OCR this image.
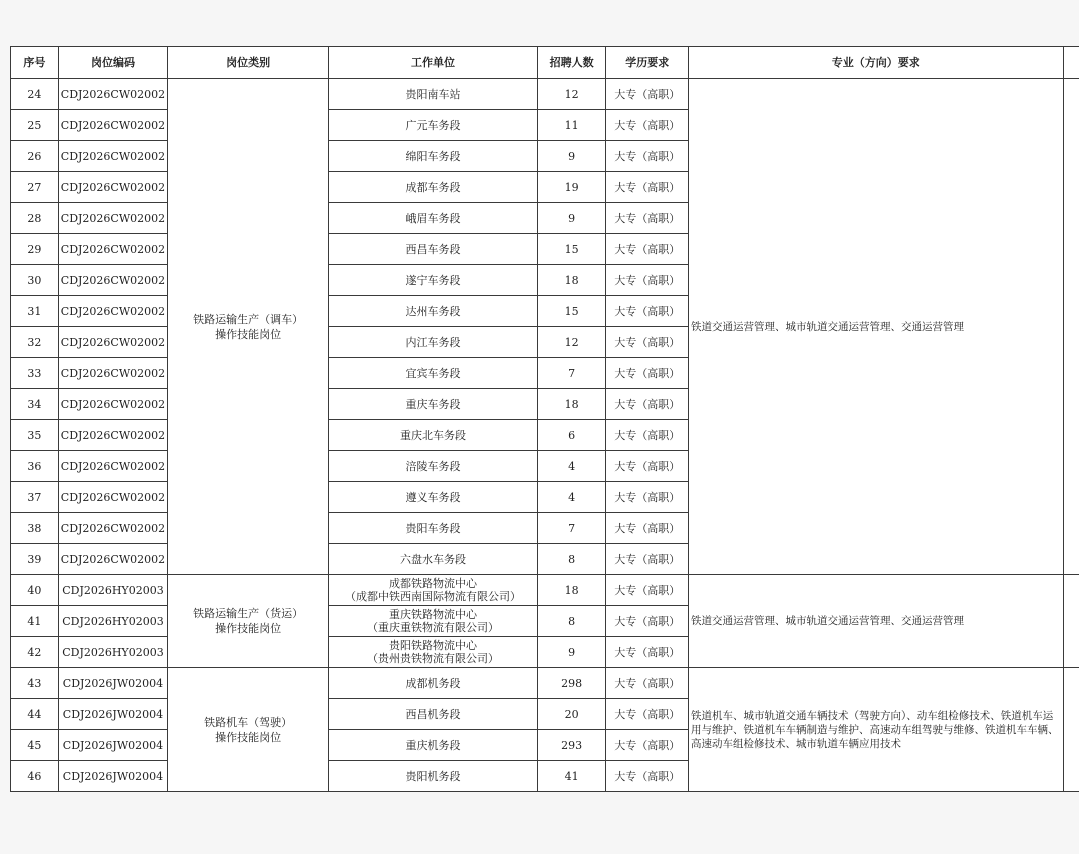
序号	岗位编码	岗位类别	工作单位	招聘人数	学历要求	专业（方向）要求	
24	CDJ2026CW02002	铁路运输生产（调车）
操作技能岗位	贵阳南车站	12	大专（高职）	铁道交通运营管理、城市轨道交通运营管理、交通运营管理	
25	CDJ2026CW02002		广元车务段	11	大专（高职）		
26	CDJ2026CW02002		绵阳车务段	9	大专（高职）		
27	CDJ2026CW02002		成都车务段	19	大专（高职）		
28	CDJ2026CW02002		峨眉车务段	9	大专（高职）		
29	CDJ2026CW02002		西昌车务段	15	大专（高职）		
30	CDJ2026CW02002		遂宁车务段	18	大专（高职）		
31	CDJ2026CW02002		达州车务段	15	大专（高职）		
32	CDJ2026CW02002		内江车务段	12	大专（高职）		
33	CDJ2026CW02002		宜宾车务段	7	大专（高职）		
34	CDJ2026CW02002		重庆车务段	18	大专（高职）		
35	CDJ2026CW02002		重庆北车务段	6	大专（高职）		
36	CDJ2026CW02002		涪陵车务段	4	大专（高职）		
37	CDJ2026CW02002		遵义车务段	4	大专（高职）		
38	CDJ2026CW02002		贵阳车务段	7	大专（高职）		
39	CDJ2026CW02002		六盘水车务段	8	大专（高职）		
40	CDJ2026HY02003	铁路运输生产（货运）
操作技能岗位	成都铁路物流中心
（成都中铁西南国际物流有限公司）	18	大专（高职）	铁道交通运营管理、城市轨道交通运营管理、交通运营管理	
41	CDJ2026HY02003		重庆铁路物流中心
（重庆重铁物流有限公司）	8	大专（高职）		
42	CDJ2026HY02003		贵阳铁路物流中心
（贵州贵铁物流有限公司）	9	大专（高职）		
43	CDJ2026JW02004	铁路机车（驾驶）
操作技能岗位	成都机务段	298	大专（高职）	铁道机车、城市轨道交通车辆技术（驾驶方向）、动车组检修技术、铁道机车运用与维护、铁道机车车辆制造与维护、高速动车组驾驶与维修、铁道机车车辆、高速动车组检修技术、城市轨道车辆应用技术	
44	CDJ2026JW02004		西昌机务段	20	大专（高职）		
45	CDJ2026JW02004		重庆机务段	293	大专（高职）		
46	CDJ2026JW02004		贵阳机务段	41	大专（高职）		
